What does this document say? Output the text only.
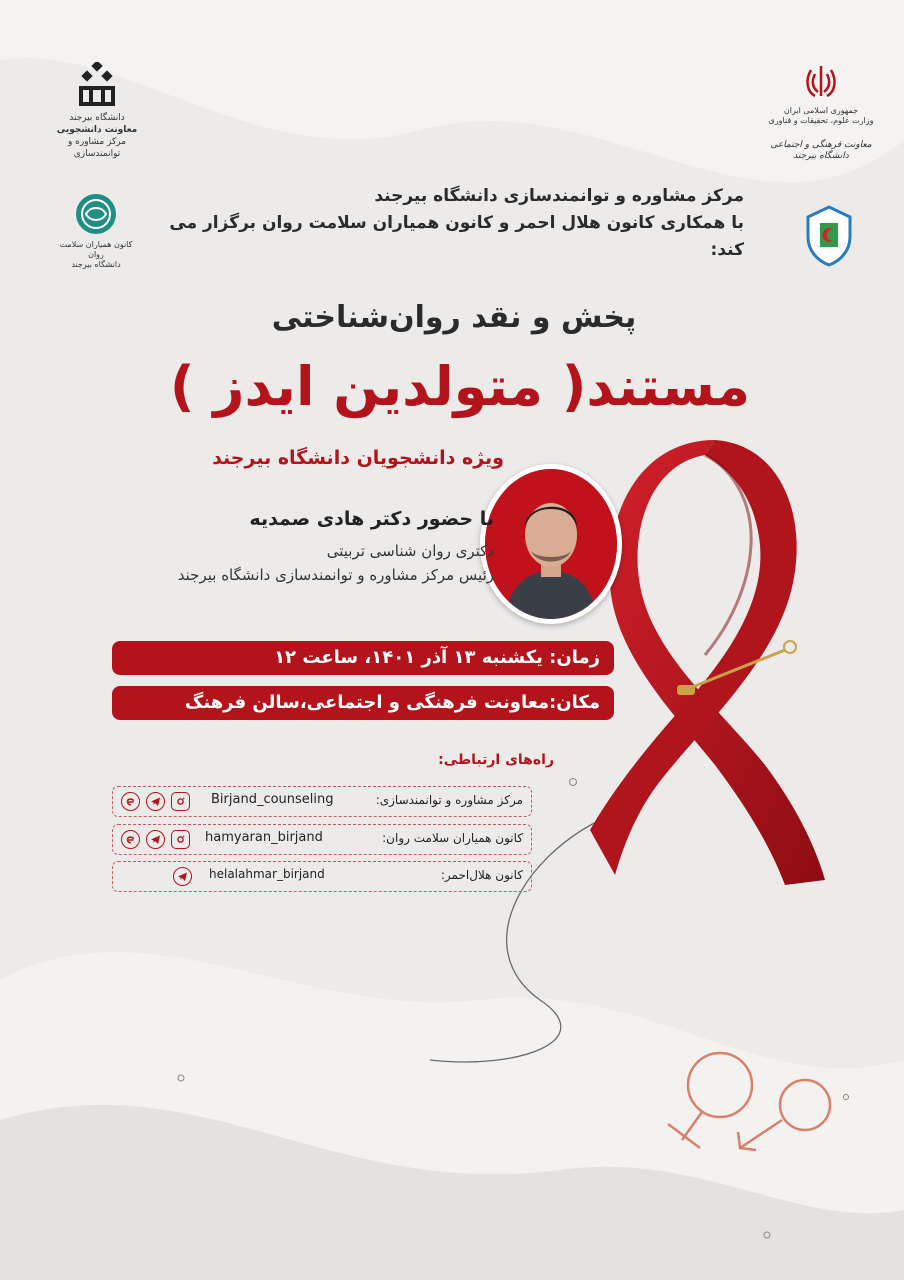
دانشگاه بیرجند
معاونت دانشجویی
مرکز مشاوره و توانمندسازی
کانون همیاران سلامت روان
دانشگاه بیرجند
جمهوری اسلامی ایران
وزارت علوم، تحقیقات و فناوری
معاونت فرهنگی و اجتماعی دانشگاه بیرجند
مرکز مشاوره و توانمندسازی دانشگاه بیرجند
با همکاری کانون هلال احمر و کانون همیاران سلامت روان برگزار می کند:
پخش و نقد روان‌شناختی
مستند( متولدین ایدز )
ویژه دانشجویان دانشگاه بیرجند
با حضور دکتر هادی صمدیه
دکتری روان شناسی تربیتی
رئیس مرکز مشاوره و توانمندسازی دانشگاه بیرجند
زمان: یکشنبه ۱۳ آذر ۱۴۰۱، ساعت ۱۲
مکان:معاونت فرهنگی و اجتماعی،سالن فرهنگ
راه‌های ارتباطی:
مرکز مشاوره و توانمندسازی:
Birjand_counseling
کانون همیاران سلامت روان:
hamyaran_birjand
کانون هلال‌احمر:
helalahmar_birjand
